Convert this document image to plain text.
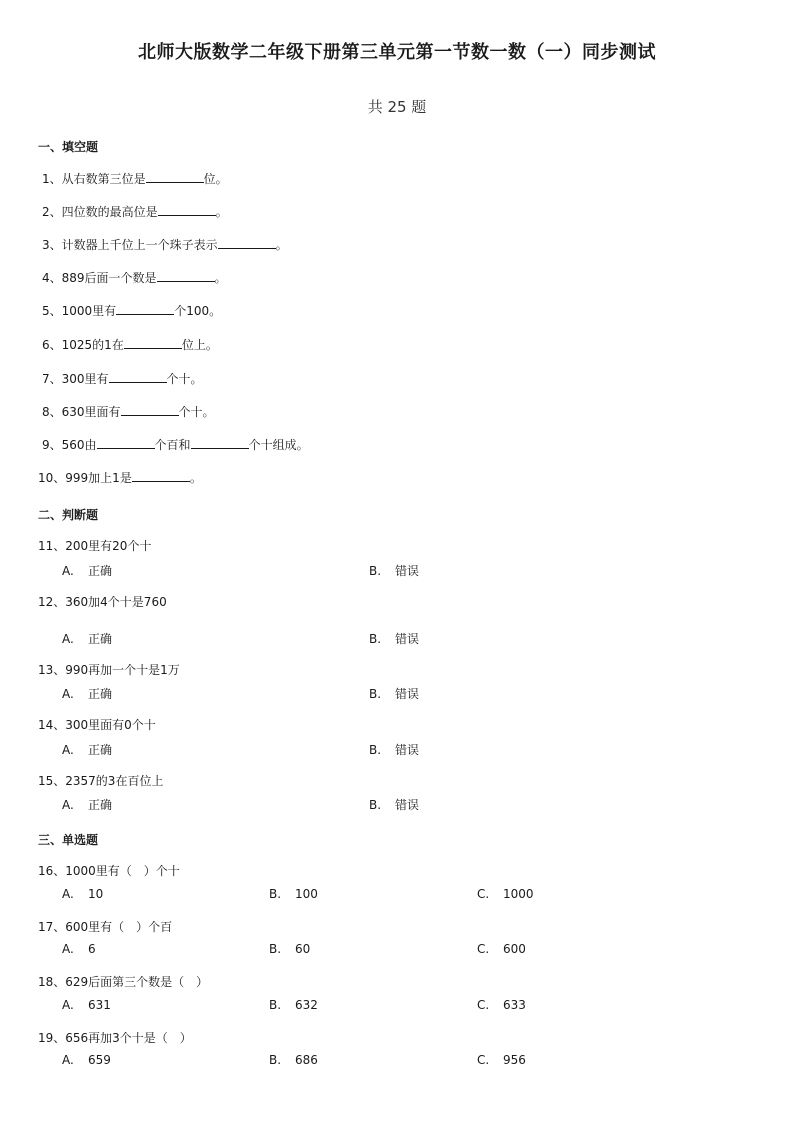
北师大版数学二年级下册第三单元第一节数一数（一）同步测试
共 25 题
一、填空题
1、从右数第三位是	位。
2、四位数的最高位是	。
3、计数器上千位上一个珠子表示	。
4、889后面一个数是	。
5、1000里有	个100。
6、1025的1在	位上。
7、300里有	个十。
8、630里面有	个十。
9、560由	个百和	个十组成。
10、999加上1是	。
二、判断题
11、200里有20个十
A. 正确	B. 错误
12、360加4个十是760
A. 正确	B. 错误
13、990再加一个十是1万
A. 正确	B. 错误
14、300里面有0个十
A. 正确	B. 错误
15、2357的3在百位上
A. 正确	B. 错误
三、单选题
16、1000里有（　）个十
A. 10	B. 100	C. 1000
17、600里有（　）个百
A. 6	B. 60	C. 600
18、629后面第三个数是（　）
A. 631	B. 632	C. 633
19、656再加3个十是（　）
A. 659	B. 686	C. 956
